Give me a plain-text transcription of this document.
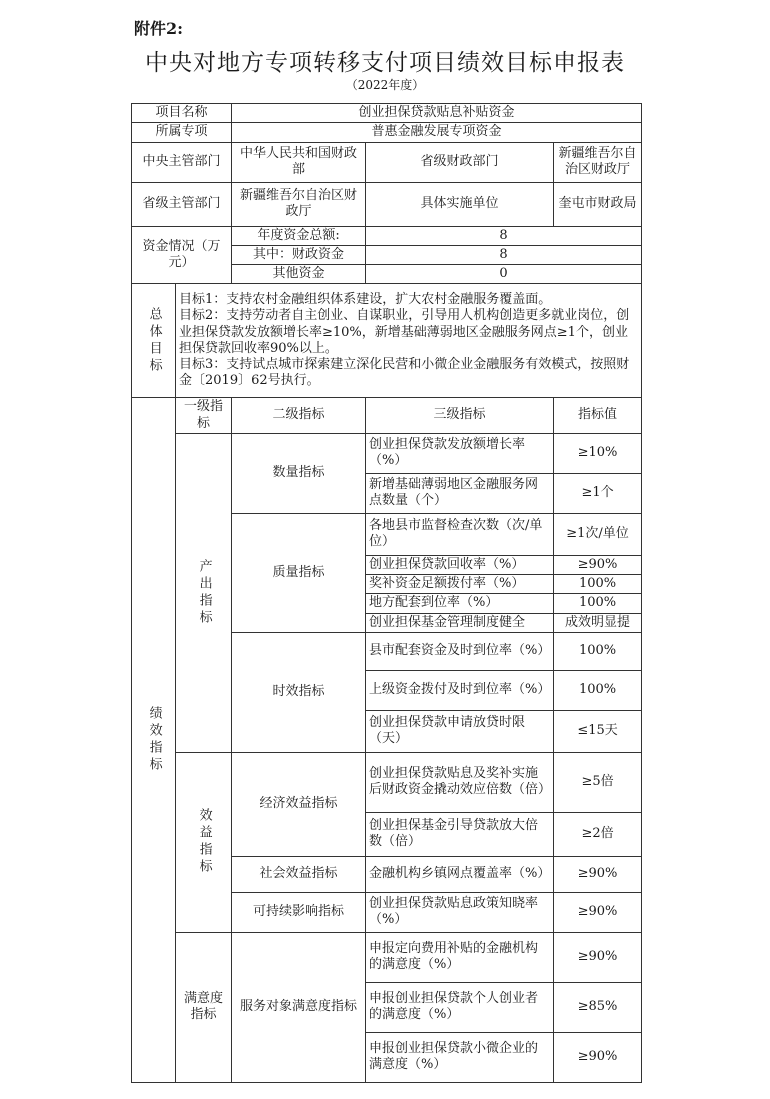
附件2:
中央对地方专项转移支付项目绩效目标申报表
（2022年度）
项目名称		创业担保贷款贴息补贴资金		
所属专项		普惠金融发展专项资金		
中央主管部门		中华人民共和国财政部	省级财政部门	新疆维吾尔自治区财政厅
省级主管部门		新疆维吾尔自治区财政厅	具体实施单位	奎屯市财政局
资金情况（万元）		年度资金总额:	8	
		其中：财政资金	8	
		其他资金	0	

总体目标	目标1：支持农村金融组织体系建设，扩大农村金融服务覆盖面。

目标2：支持劳动者自主创业、自谋职业，引导用人机构创造更多就业岗位，创业担保贷款发放额增长率≥10%，新增基础薄弱地区金融服务网点≥1个，创业担保贷款回收率90%以上。

目标3：支持试点城市探索建立深化民营和小微企业金融服务有效模式，按照财金〔2019〕62号执行。			

绩效指标	一级指标	二级指标	三级指标	指标值

	产出指标	数量指标	创业担保贷款发放额增长率（%）	≥10%
			新增基础薄弱地区金融服务网点数量（个）	≥1个
		质量指标	各地县市监督检查次数（次/单位）	≥1次/单位
			创业担保贷款回收率（%）	≥90%
			奖补资金足额拨付率（%）	100%
			地方配套到位率（%）	100%
			创业担保基金管理制度健全	成效明显提
		时效指标	县市配套资金及时到位率（%）	100%
			上级资金拨付及时到位率（%）	100%
			创业担保贷款申请放贷时限（天）	≤15天

	效益指标	经济效益指标	创业担保贷款贴息及奖补实施后财政资金撬动效应倍数（倍）	≥5倍
			创业担保基金引导贷款放大倍数（倍）	≥2倍
		社会效益指标	金融机构乡镇网点覆盖率（%）	≥90%
		可持续影响指标	创业担保贷款贴息政策知晓率（%）	≥90%
	满意度指标	服务对象满意度指标	申报定向费用补贴的金融机构的满意度（%）	≥90%
			申报创业担保贷款个人创业者的满意度（%）	≥85%
			申报创业担保贷款小微企业的满意度（%）	≥90%
